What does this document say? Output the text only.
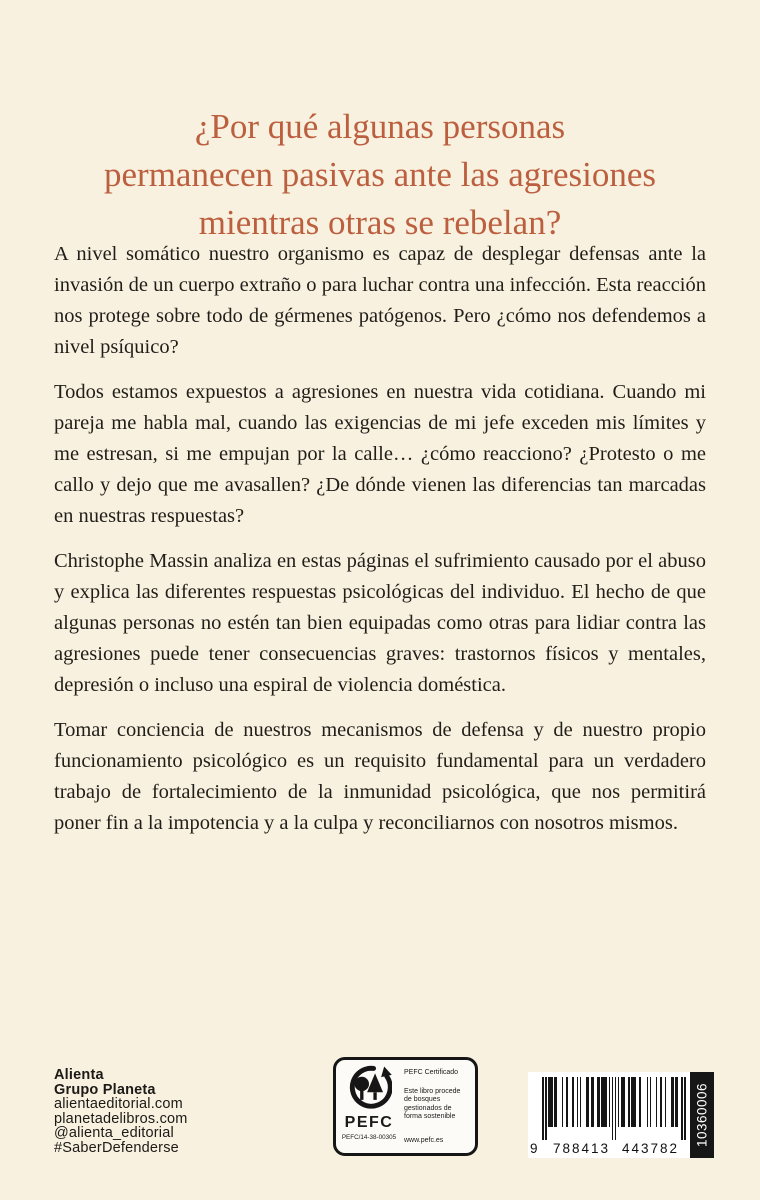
¿Por qué algunas personas
permanecen pasivas ante las agresiones
mientras otras se rebelan?

A nivel somático nuestro organismo es capaz de desplegar defensas ante la invasión de un cuerpo extraño o para luchar contra una infección. Esta reacción nos protege sobre todo de gérmenes patógenos. Pero ¿cómo nos defendemos a nivel psíquico?

Todos estamos expuestos a agresiones en nuestra vida cotidiana. Cuando mi pareja me habla mal, cuando las exigencias de mi jefe exceden mis límites y me estresan, si me empujan por la calle… ¿cómo reacciono? ¿Protesto o me callo y dejo que me avasallen? ¿De dónde vienen las diferencias tan marcadas en nuestras respuestas?

Christophe Massin analiza en estas páginas el sufrimiento causado por el abuso y explica las diferentes respuestas psicológicas del individuo. El hecho de que algunas personas no estén tan bien equipadas como otras para lidiar contra las agresiones puede tener consecuencias graves: trastornos físicos y mentales, depresión o incluso una espiral de violencia doméstica.

Tomar conciencia de nuestros mecanismos de defensa y de nuestro propio funcionamiento psicológico es un requisito fundamental para un verdadero trabajo de fortalecimiento de la inmunidad psicológica, que nos permitirá poner fin a la impotencia y a la culpa y reconciliarnos con nosotros mismos.

Alienta
Grupo Planeta
alientaeditorial.com
planetadelibros.com
@alienta_editorial
#SaberDefenderse
PEFC
PEFC/14-38-00305
PEFC Certificado
Este libro procede de bosques gestionados de forma sostenible
www.pefc.es
9	788413 443782
10360006
